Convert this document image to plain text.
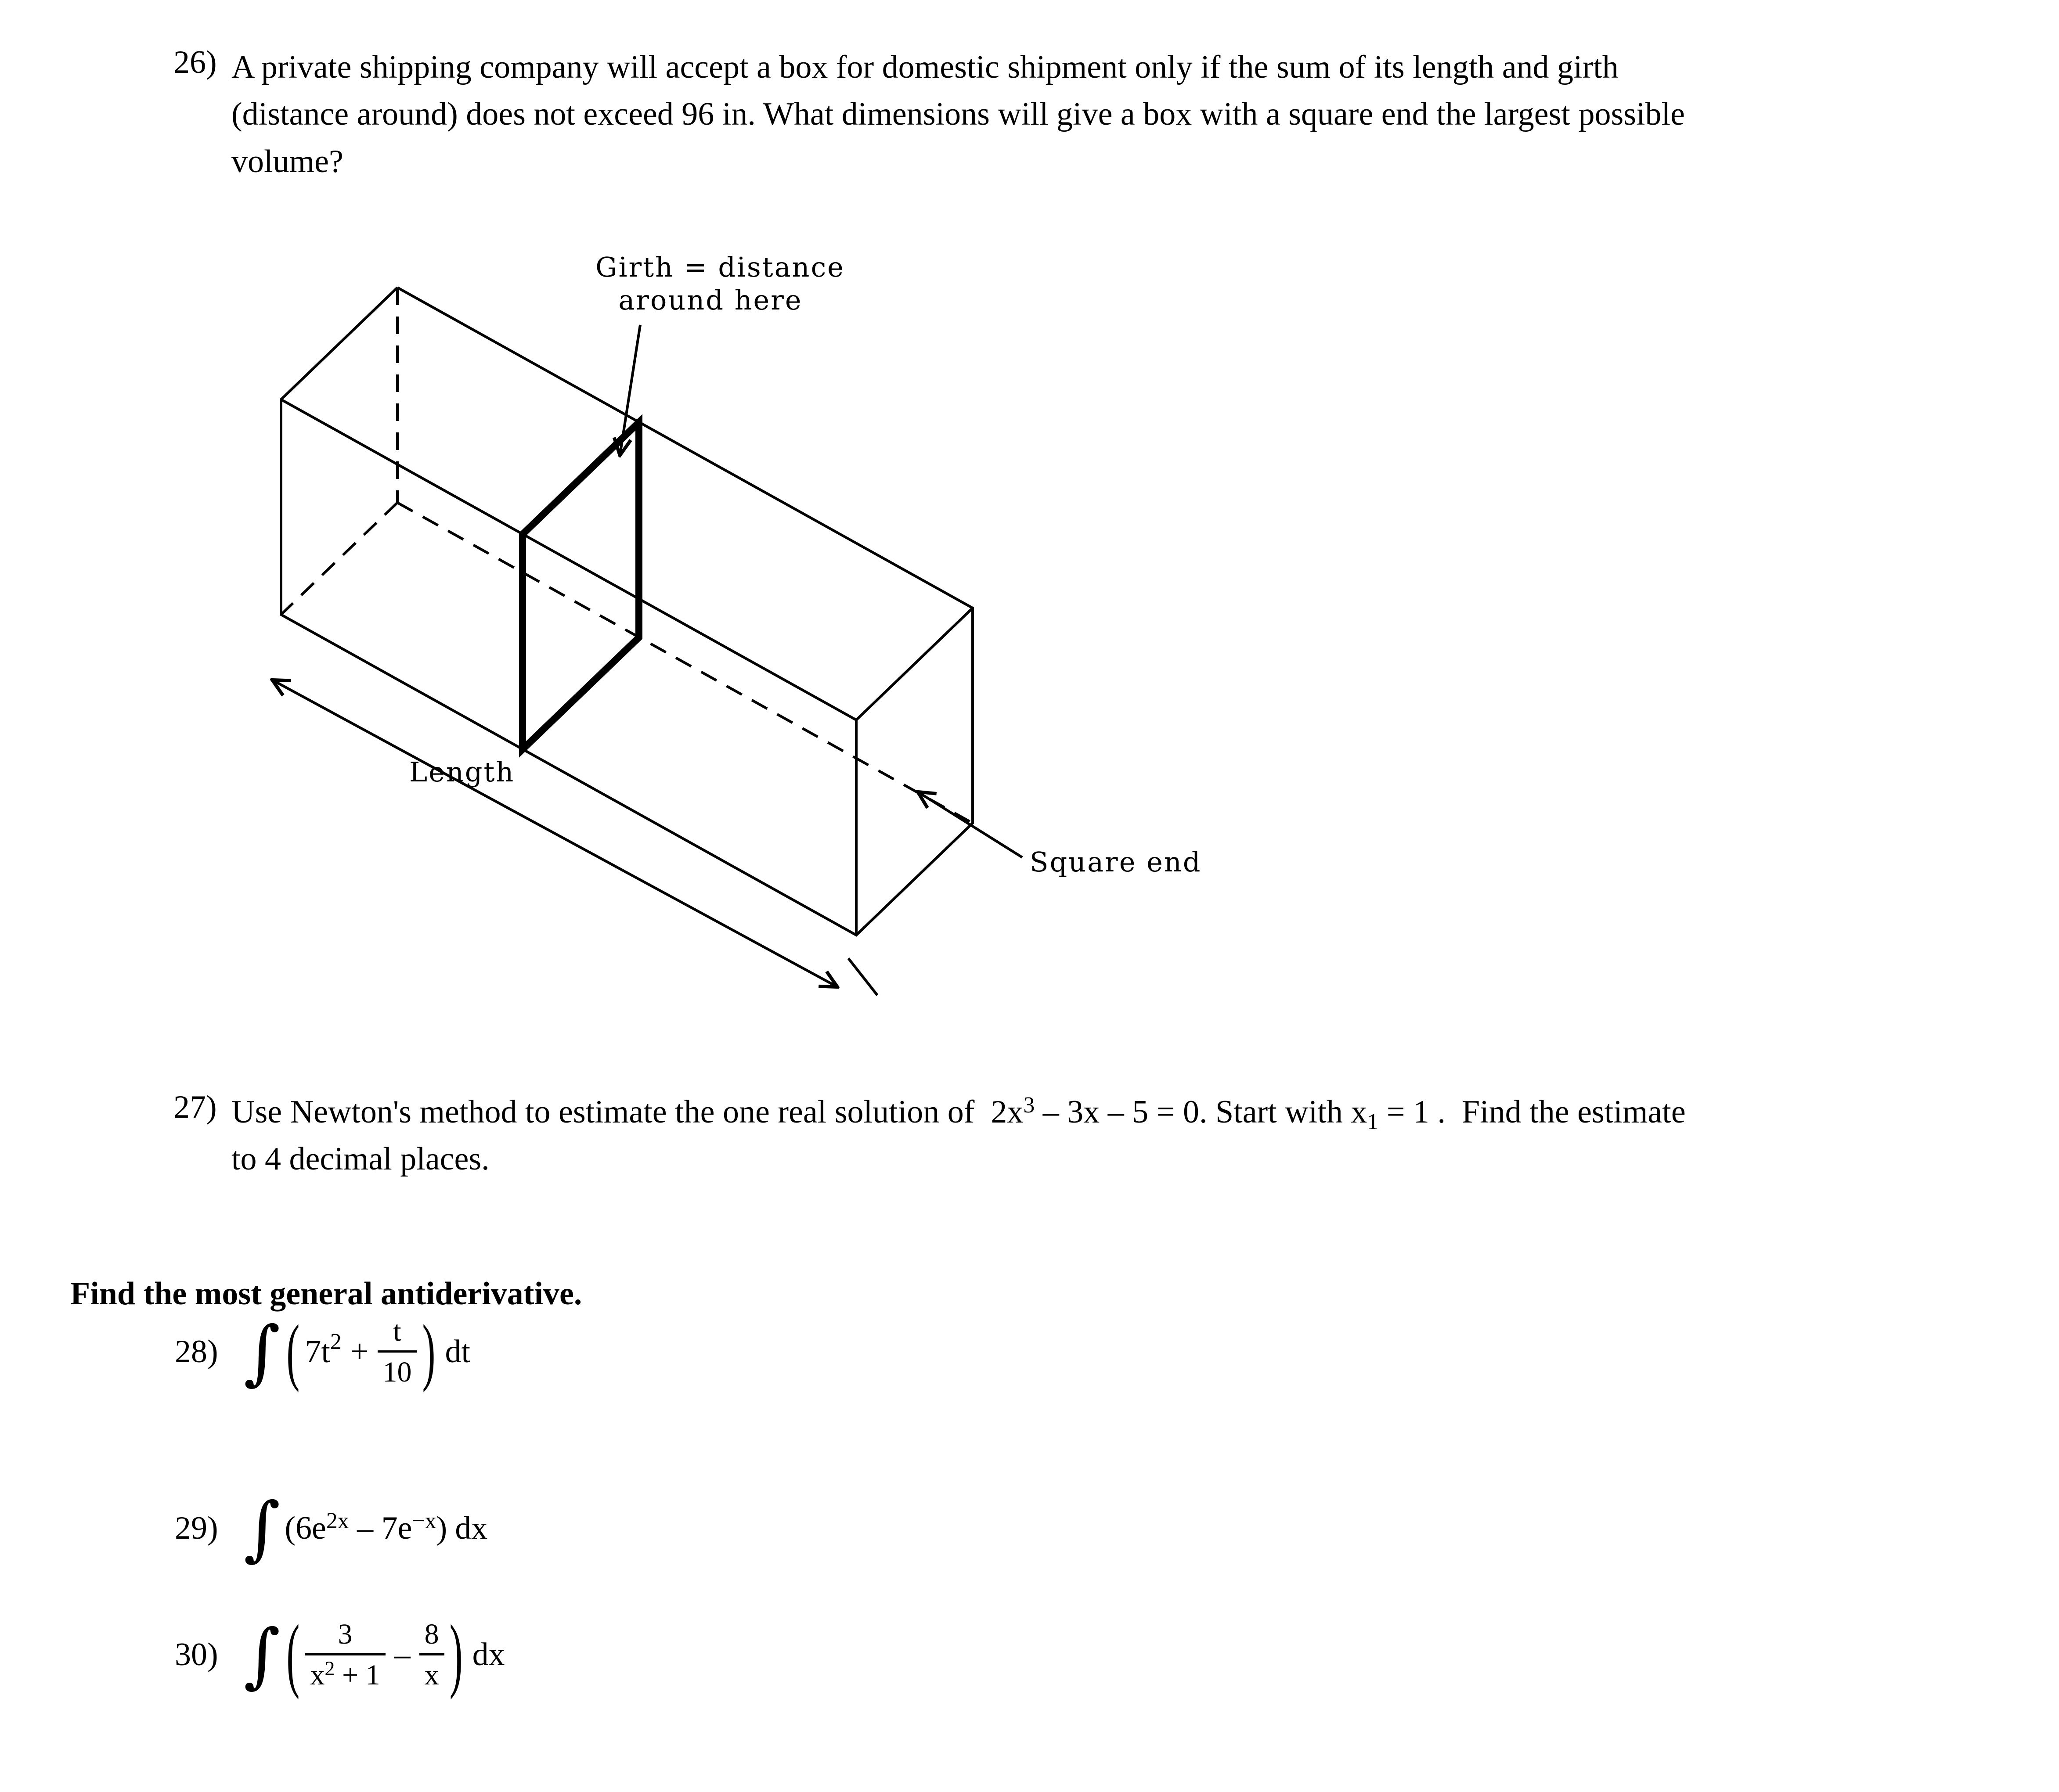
26) A private shipping company will accept a box for domestic shipment only if the sum of its length and girth
(distance around) does not exceed 96 in. What dimensions will give a box with a square end the largest possible
volume?
Girth = distance
around here
Length
Square end
27) Use Newton's method to estimate the one real solution of  $2x^3 - 3x - 5 = 0$. Start with x1 = 1 .  Find the estimate
to 4 decimal places.
Find the most general antiderivative.
28) ∫ ( 7t $2 + \frac{t}{10}$ ) dt
29) ∫ $(6e^{2x} - 7e^{-x})$ dx
30) ∫ ( $\frac{3}{x^2 + 1} - \frac{8}{x}$ ) dx
